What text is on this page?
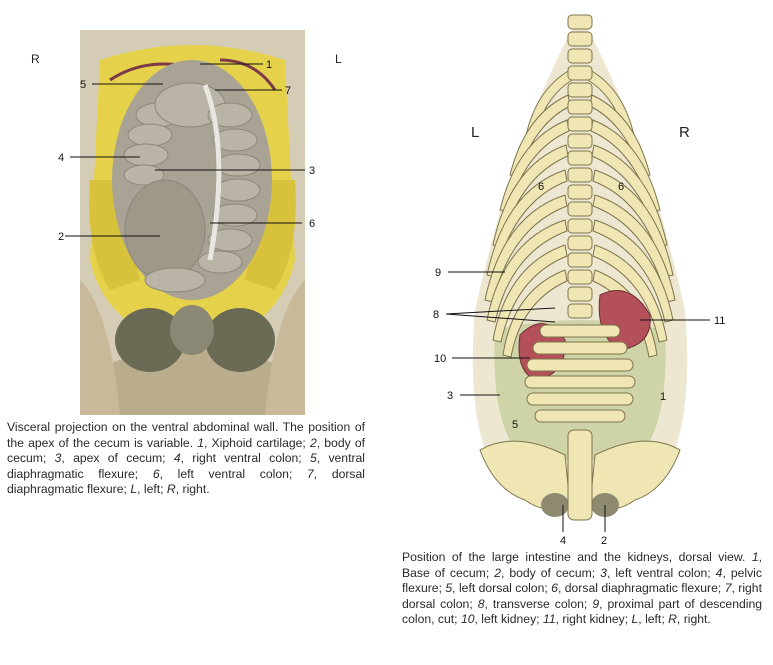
R	L
1
5	7
4
3
6
2
Visceral projection on the ventral abdominal wall. The position of the apex of the cecum is variable. 1, Xiphoid cartilage; 2, body of cecum; 3, apex of cecum; 4, right ventral colon; 5, ventral diaphragmatic flexure; 6, left ventral colon; 7, dorsal diaphragmatic flexure; L, left; R, right.
L	R
9
8
10
3
11
4	2
1
5
6	6
Position of the large intestine and the kidneys, dorsal view. 1, Base of cecum; 2, body of cecum; 3, left ventral colon; 4, pelvic flexure; 5, left dorsal colon; 6, dorsal diaphragmatic flexure; 7, right dorsal colon; 8, transverse colon; 9, proximal part of descending colon, cut; 10, left kidney; 11, right kidney; L, left; R, right.
